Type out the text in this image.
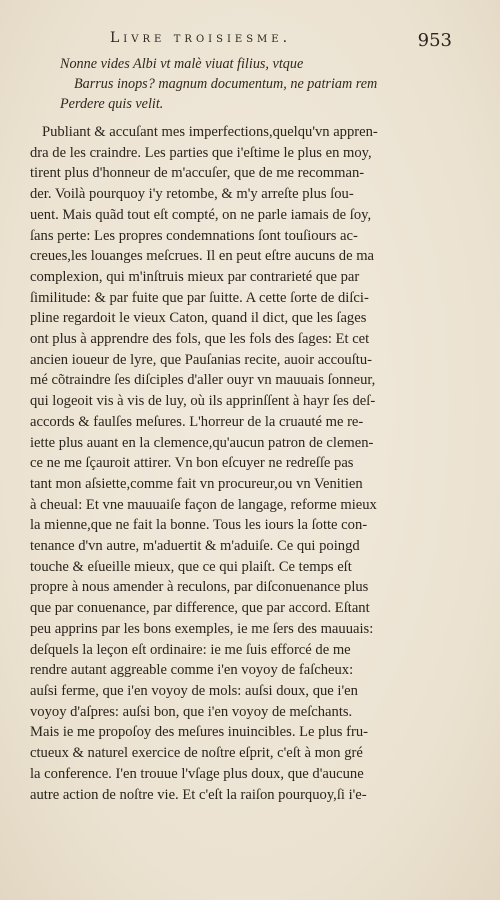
Livre troisiesme.	953
Nonne vides Albi vt malè viuat filius, vtque
Barrus inops? magnum documentum, ne patriam rem
Perdere quis velit.
Publiant & accuſant mes imperfections,quelqu'vn appren-
dra de les craindre. Les parties que i'eſtime le plus en moy,
tirent plus d'honneur de m'accuſer, que de me recomman-
der. Voilà pourquoy i'y retombe, & m'y arreſte plus ſou-
uent. Mais quãd tout eſt compté, on ne parle iamais de ſoy,
ſans perte: Les propres condemnations ſont touſiours ac-
creues,les louanges meſcrues. Il en peut eſtre aucuns de ma
complexion, qui m'inſtruis mieux par contrarieté que par
ſimilitude: & par fuite que par ſuitte. A cette ſorte de diſci-
pline regardoit le vieux Caton, quand il dict, que les ſages
ont plus à apprendre des fols, que les fols des ſages: Et cet
ancien ioueur de lyre, que Pauſanias recite, auoir accouſtu-
mé cõtraindre ſes diſciples d'aller ouyr vn mauuais ſonneur,
qui logeoit vis à vis de luy, où ils apprinſſent à hayr ſes deſ-
accords & faulſes meſures. L'horreur de la cruauté me re-
iette plus auant en la clemence,qu'aucun patron de clemen-
ce ne me ſçauroit attirer. Vn bon eſcuyer ne redreſſe pas
tant mon aſsiette,comme fait vn procureur,ou vn Venitien
à cheual: Et vne mauuaiſe façon de langage, reforme mieux
la mienne,que ne fait la bonne. Tous les iours la ſotte con-
tenance d'vn autre, m'aduertit & m'aduiſe. Ce qui poingd
touche & eſueille mieux, que ce qui plaiſt. Ce temps eſt
propre à nous amender à reculons, par diſconuenance plus
que par conuenance, par difference, que par accord. Eſtant
peu apprins par les bons exemples, ie me ſers des mauuais:
deſquels la leçon eſt ordinaire: ie me ſuis efforcé de me
rendre autant aggreable comme i'en voyoy de faſcheux:
auſsi ferme, que i'en voyoy de mols: auſsi doux, que i'en
voyoy d'aſpres: auſsi bon, que i'en voyoy de meſchants.
Mais ie me propoſoy des meſures inuincibles. Le plus fru-
ctueux & naturel exercice de noſtre eſprit, c'eſt à mon gré
la conference. I'en trouue l'vſage plus doux, que d'aucune
autre action de noſtre vie. Et c'eſt la raiſon pourquoy,ſi i'e-
